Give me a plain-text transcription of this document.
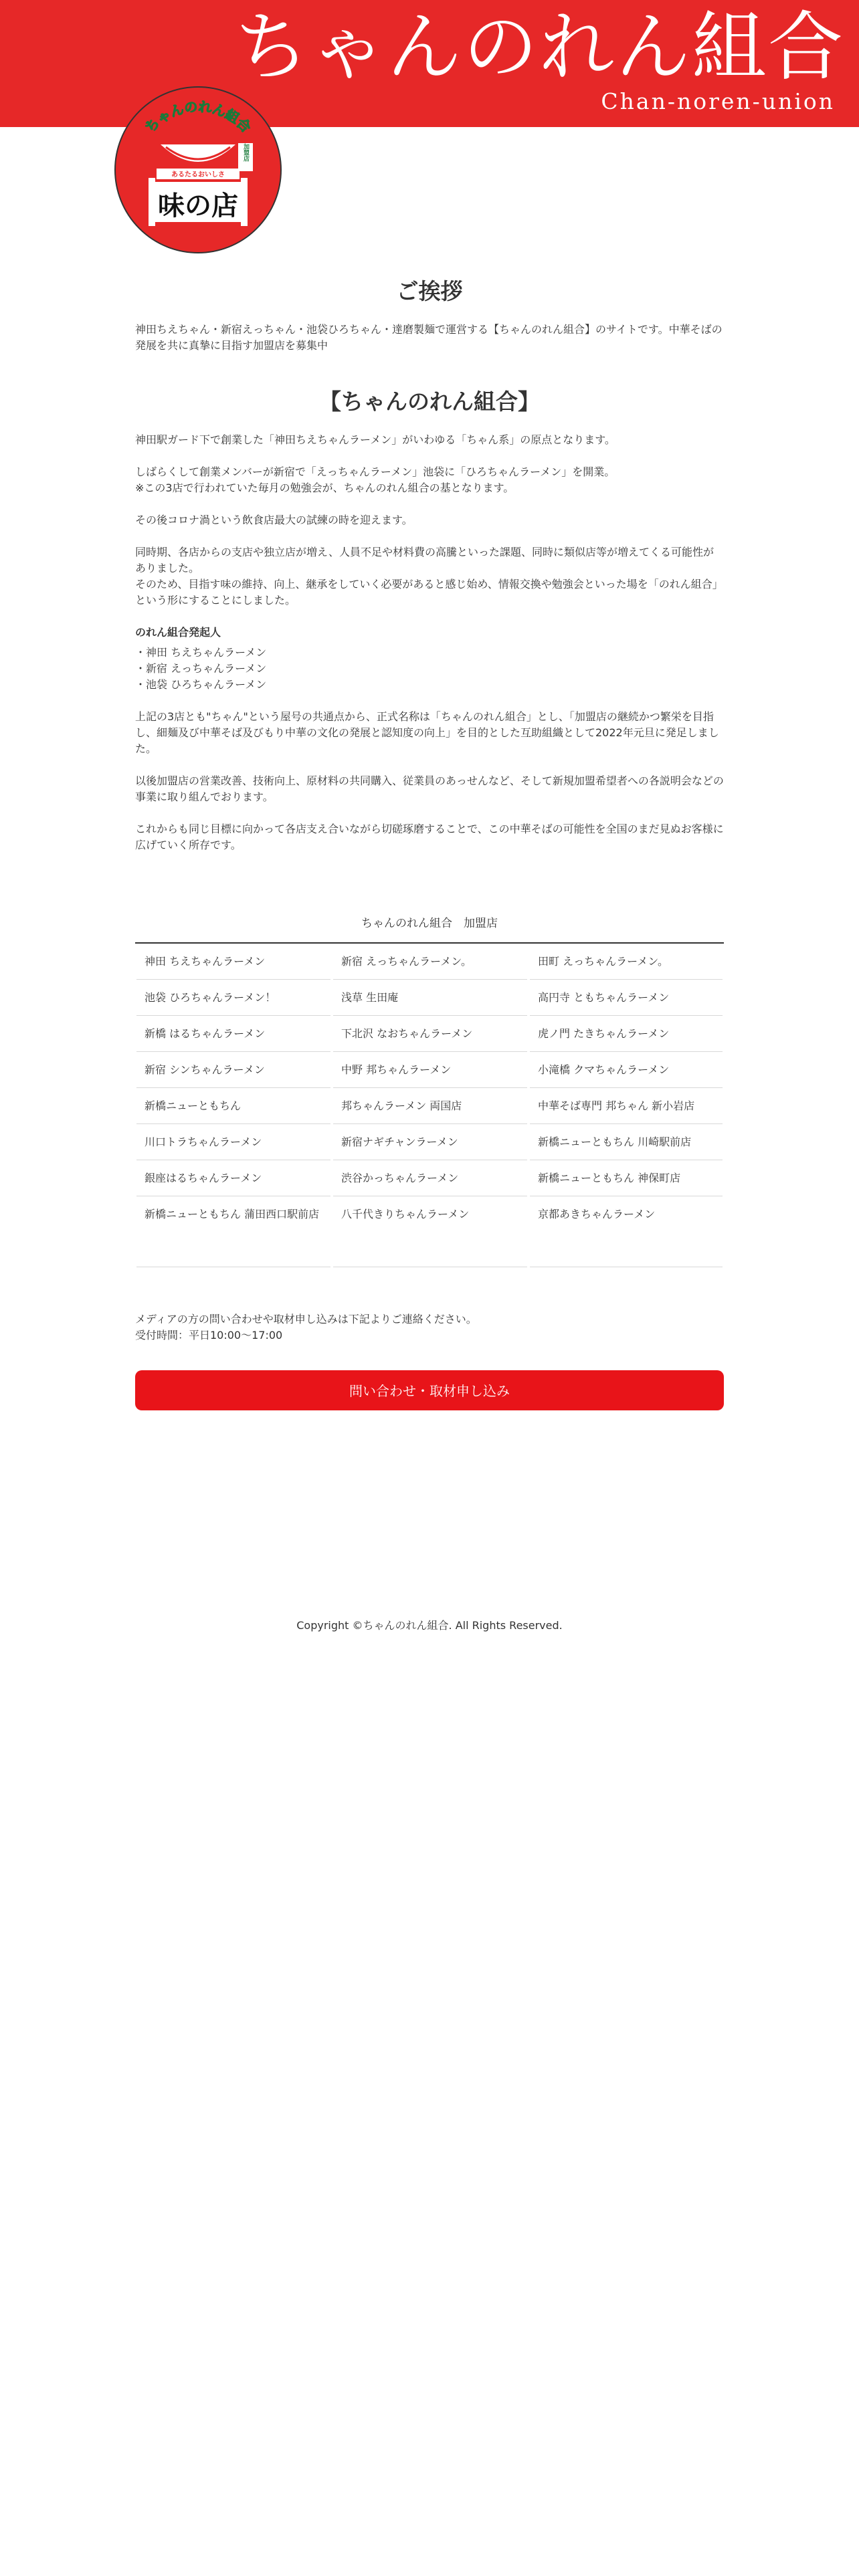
ちゃんのれん組合
Chan-noren-union
ちゃんのれん組合
あるたるおいしさ
加盟店
味の店
ご挨拶

神田ちえちゃん・新宿えっちゃん・池袋ひろちゃん・達磨製麺で運営する【ちゃんのれん組合】のサイトです。中華そばの発展を共に真摯に目指す加盟店を募集中

【ちゃんのれん組合】

神田駅ガード下で創業した「神田ちえちゃんラーメン」がいわゆる「ちゃん系」の原点となります。

しばらくして創業メンバーが新宿で「えっちゃんラーメン」池袋に「ひろちゃんラーメン」を開業。

※この3店で行われていた毎月の勉強会が、ちゃんのれん組合の基となります。

その後コロナ渦という飲食店最大の試練の時を迎えます。

同時期、各店からの支店や独立店が増え、人員不足や材料費の高騰といった課題、同時に類似店等が増えてくる可能性がありました。

そのため、目指す味の維持、向上、継承をしていく必要があると感じ始め、情報交換や勉強会といった場を「のれん組合」という形にすることにしました。

のれん組合発起人

・神田 ちえちゃんラーメン

・新宿 えっちゃんラーメン

・池袋 ひろちゃんラーメン

上記の3店とも"ちゃん"という屋号の共通点から、正式名称は「ちゃんのれん組合」とし、「加盟店の継続かつ繁栄を目指し、細麺及び中華そば及びもり中華の文化の発展と認知度の向上」を目的とした互助組織として2022年元旦に発足しました。

以後加盟店の営業改善、技術向上、原材料の共同購入、従業員のあっせんなど、そして新規加盟希望者への各説明会などの事業に取り組んでおります。

これからも同じ目標に向かって各店支え合いながら切磋琢磨することで、この中華そばの可能性を全国のまだ見ぬお客様に広げていく所存です。

ちゃんのれん組合　加盟店
神田 ちえちゃんラーメン	新宿 えっちゃんラーメン。	田町 えっちゃんラーメン。
池袋 ひろちゃんラーメン！	浅草 生田庵	高円寺 ともちゃんラーメン
新橋 はるちゃんラーメン	下北沢 なおちゃんラーメン	虎ノ門 たきちゃんラーメン
新宿 シンちゃんラーメン	中野 邦ちゃんラーメン	小滝橋 クマちゃんラーメン
新橋ニューともちん	邦ちゃんラーメン 両国店	中華そば専門 邦ちゃん 新小岩店
川口トラちゃんラーメン	新宿ナギチャンラーメン	新橋ニューともちん 川崎駅前店
銀座はるちゃんラーメン	渋谷かっちゃんラーメン	新橋ニューともちん 神保町店
新橋ニューともちん 蒲田西口駅前店	八千代きりちゃんラーメン	京都あきちゃんラーメン

メディアの方の問い合わせや取材申し込みは下記よりご連絡ください。

受付時間：平日10:00〜17:00

問い合わせ・取材申し込み
Copyright ©ちゃんのれん組合. All Rights Reserved.
